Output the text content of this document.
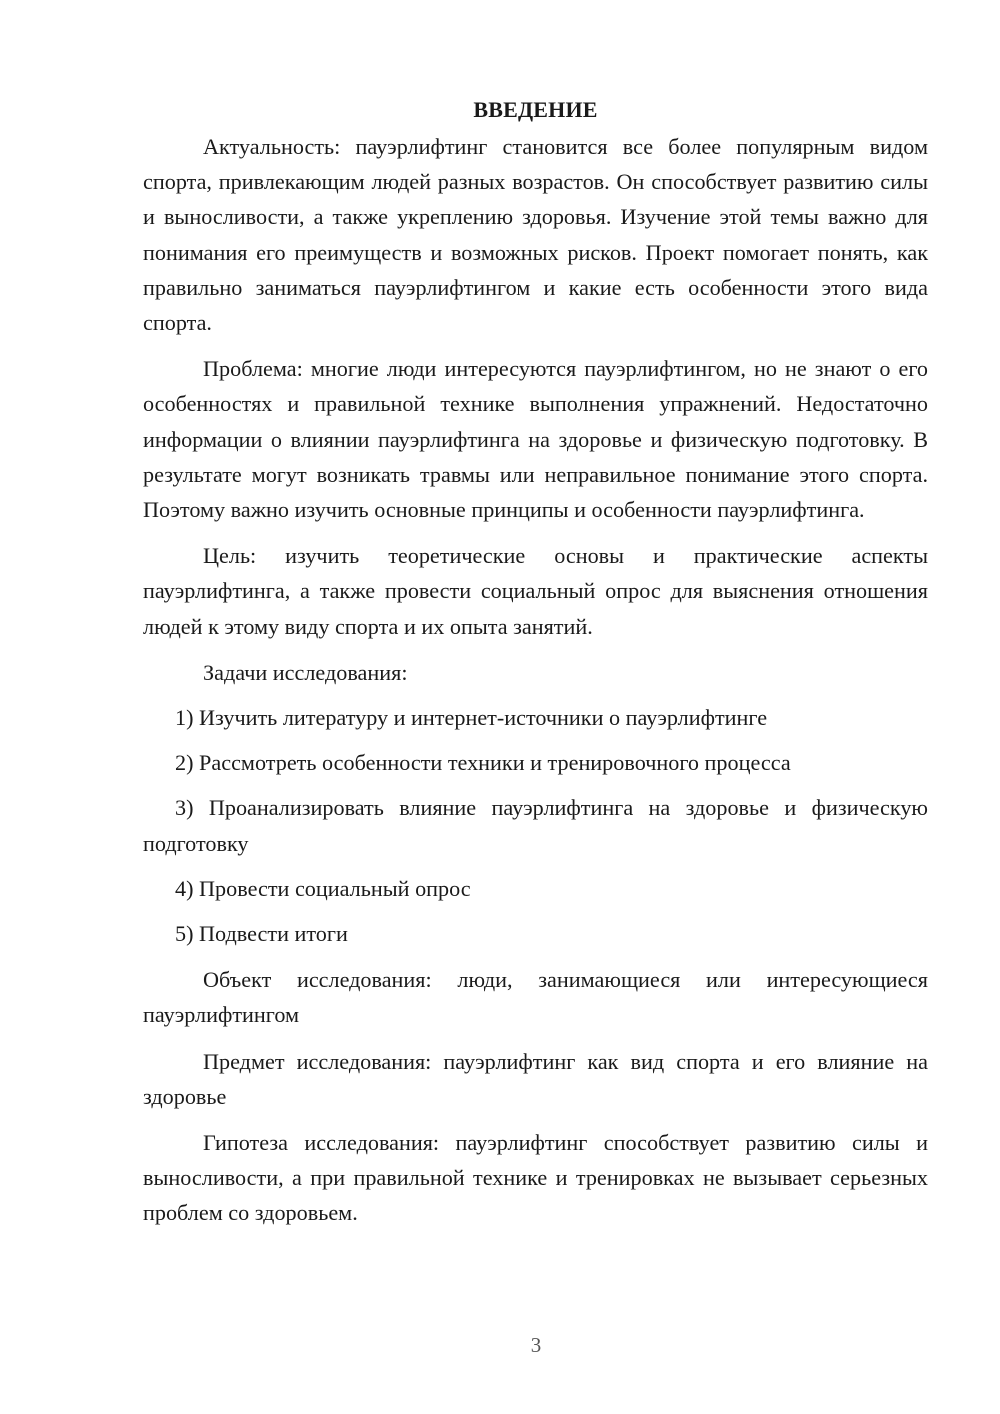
ВВЕДЕНИЕ

Актуальность: пауэрлифтинг становится все более популярным видом спорта, привлекающим людей разных возрастов. Он способствует развитию силы и выносливости, а также укреплению здоровья. Изучение этой темы важно для понимания его преимуществ и возможных рисков. Проект помогает понять, как правильно заниматься пауэрлифтингом и какие есть особенности этого вида спорта.

Проблема: многие люди интересуются пауэрлифтингом, но не знают о его особенностях и правильной технике выполнения упражнений. Недостаточно информации о влиянии пауэрлифтинга на здоровье и физическую подготовку. В результате могут возникать травмы или неправильное понимание этого спорта. Поэтому важно изучить основные принципы и особенности пауэрлифтинга.

Цель: изучить теоретические основы и практические аспекты пауэрлифтинга, а также провести социальный опрос для выяснения отношения людей к этому виду спорта и их опыта занятий.

Задачи исследования:

1) Изучить литературу и интернет-источники о пауэрлифтинге

2) Рассмотреть особенности техники и тренировочного процесса

3) Проанализировать влияние пауэрлифтинга на здоровье и физическую подготовку

4) Провести социальный опрос

5) Подвести итоги

Объект исследования: люди, занимающиеся или интересующиеся пауэрлифтингом

Предмет исследования: пауэрлифтинг как вид спорта и его влияние на здоровье

Гипотеза исследования: пауэрлифтинг способствует развитию силы и выносливости, а при правильной технике и тренировках не вызывает серьезных проблем со здоровьем.

3
